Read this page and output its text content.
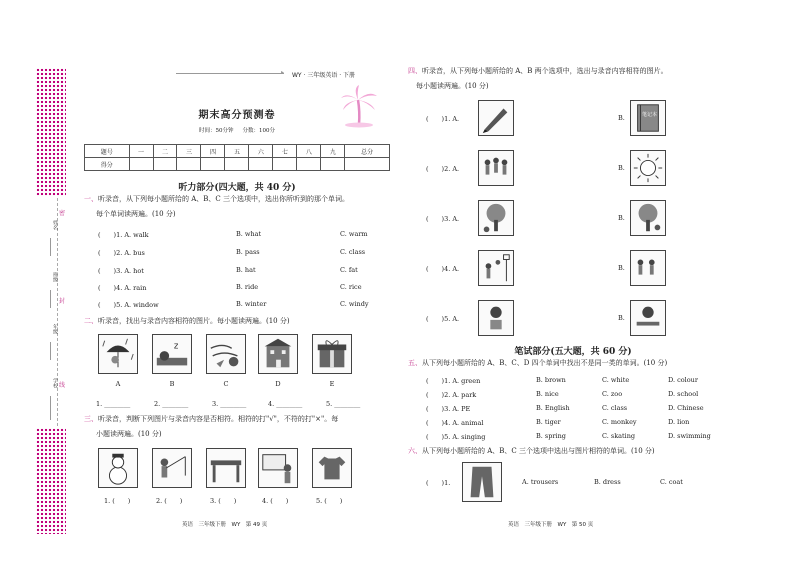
姓名
班级
年级
学校
密
封
线
▸ WY · 三年级英语 · 下册
期末高分预测卷
时间：50分钟 　 分数：100分
题号	一	二	三	四	五	六	七	八	九	总分
得分										
听力部分(四大题，共 40 分)
一、听录音，从下列每小题所给的 A、B、C 三个选项中，选出你所听到的那个单词。
每个单词读两遍。(10 分)
(　　)1. A. walk	B. what	C. warm
(　　)2. A. bus	B. pass	C. class
(　　)3. A. hot	B. hat	C. fat
(　　)4. A. rain	B. ride	C. rice
(　　)5. A. window	B. winter	C. windy
二、听录音，找出与录音内容相符的图片。每小题读两遍。(10 分)
z
A	B	C	D	E
1. ________	2. ________	3. ________	4. ________	5. ________
三、听录音，判断下列图片与录音内容是否相符。相符的打"√"，不符的打"×"。每
小题读两遍。(10 分)
1. (　　)	2. (　　)	3. (　　)	4. (　　)	5. (　　)
英语　三年级下册　WY　第 49 页
四、听录音，从下列每小题所给的 A、B 两个选项中，选出与录音内容相符的图片。
每小题读两遍。(10 分)
(　　)1. A.	B.	笔记本
(　　)2. A.	B.
(　　)3. A.	B.
(　　)4. A.	B.
(　　)5. A.	B.
笔试部分(五大题，共 60 分)
五、从下列每小题所给的 A、B、C、D 四个单词中找出不是同一类的单词。(10 分)
(　　)1. A. green	B. brown	C. white	D. colour
(　　)2. A. park	B. nice	C. zoo	D. school
(　　)3. A. PE	B. English	C. class	D. Chinese
(　　)4. A. animal	B. tiger	C. monkey	D. lion
(　　)5. A. singing	B. spring	C. skating	D. swimming
六、从下列每小题所给的 A、B、C 三个选项中选出与图片相符的单词。(10 分)
(　　)1.	A. trousers	B. dress	C. coat
英语　三年级下册　WY　第 50 页
